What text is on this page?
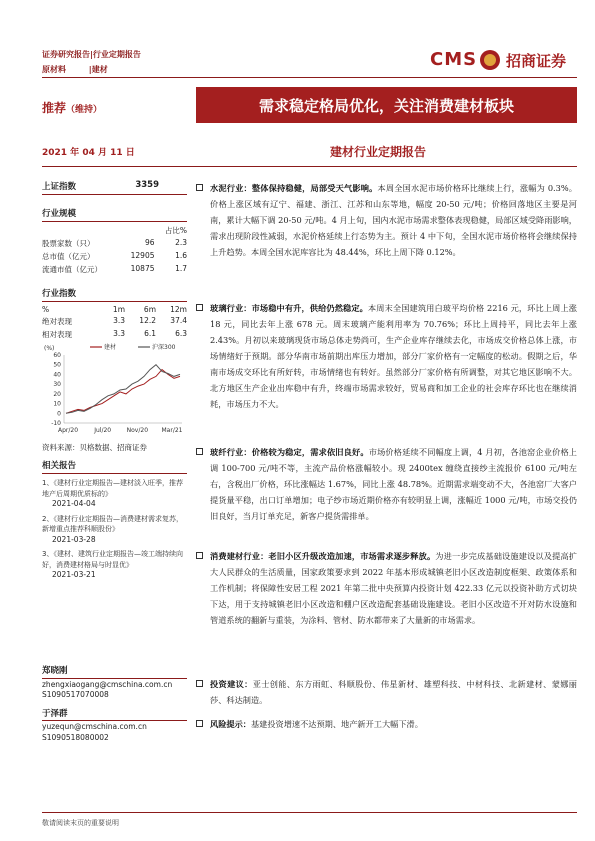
证券研究报告|行业定期报告
原材料	|建材	CMS 招商证券
推荐（维持）	需求稳定格局优化，关注消费建材板块
2021 年 04 月 11 日	建材行业定期报告
上证指数	3359
行业规模
占比%
股票家数（只）	96	2.3
总市值（亿元）	12905	1.6
流通市值（亿元）	10875	1.7
行业指数
%	1m	6m	12m
绝对表现	3.3	12.2	37.4
相对表现	3.3	6.1	6.3
(%)
60
50
40
30
20
10
0
-10
Apr/20	Jul/20	Nov/20 Mar/21
建材	沪深300
资料来源：贝格数据、招商证券
相关报告
1、《建材行业定期报告—建材淡入旺季，推荐地产后周期优质标的》
2021-04-04
2、《建材行业定期报告—消费建材需求复苏，新增重点推荐科顺股份》
2021-03-28
3、《建材、建筑行业定期报告—竣工端持续向好，消费建材格局与时显优》
2021-03-21
郑晓刚
zhengxiaogang@cmschina.com.cn
S1090517070008
于泽群
yuzequn@cmschina.com.cn
S1090518080002
水泥行业：整体保持稳健，局部受天气影响。本周全国水泥市场价格环比继续上行，涨幅为 0.3%。价格上涨区域有辽宁、福建、浙江、江苏和山东等地，幅度 20-50 元/吨；价格回落地区主要是河南，累计大幅下调 20-50 元/吨。4 月上旬，国内水泥市场需求整体表现稳健，局部区域受降雨影响，需求出现阶段性减弱，水泥价格延续上行态势为主。预计 4 中下旬，全国水泥市场价格将会继续保持上升趋势。本周全国水泥库容比为 48.44%，环比上周下降 0.12%。
玻璃行业：市场稳中有升，供给仍然稳定。本周末全国建筑用白玻平均价格 2216 元，环比上周上涨 18 元，同比去年上涨 678 元。周末玻璃产能利用率为 70.76%；环比上周持平，同比去年上涨 2.43%。月初以来玻璃现货市场总体走势尚可，生产企业库存继续去化，市场成交价格总体上涨，市场情绪好于预期。部分华南市场前期出库压力增加，部分厂家价格有一定幅度的松动。假期之后，华南市场成交环比有所好转，市场情绪也有转好。虽然部分厂家价格有所调整，对其它地区影响不大。北方地区生产企业出库稳中有升，终端市场需求较好，贸易商和加工企业的社会库存环比也在继续消耗，市场压力不大。
玻纤行业：价格较为稳定，需求依旧良好。市场价格延续不同幅度上调，4 月初，各池窑企业价格上调 100-700 元/吨不等，主流产品价格涨幅较小。现 2400tex 缠绕直接纱主流报价 6100 元/吨左右，含税出厂价格，环比涨幅达 1.67%，同比上涨 48.78%。近期需求端变动不大，各池窑厂大客户提货量平稳，出口订单增加；电子纱市场近期价格亦有较明显上调，涨幅近 1000 元/吨，市场交投仍旧良好，当月订单充足，新客户提货需排单。
消费建材行业：老旧小区升级改造加速，市场需求逐步释放。为进一步完成基础设施建设以及提高扩大人民群众的生活质量，国家政策要求到 2022 年基本形成城镇老旧小区改造制度框架、政策体系和工作机制；将保障性安居工程 2021 年第二批中央预算内投资计划 422.33 亿元以投资补助方式切块下达，用于支持城镇老旧小区改造和棚户区改造配套基础设施建设。老旧小区改造不开对防水设施和管道系统的翻新与重装，为涂料、管材、防水都带来了大量新的市场需求。
投资建议：亚士创能、东方雨虹、科顺股份、伟星新材、雄塑科技、中材科技、北新建材、蒙娜丽莎、科达制造。
风险提示：基建投资增速不达预期、地产新开工大幅下滑。
敬请阅读末页的重要说明
